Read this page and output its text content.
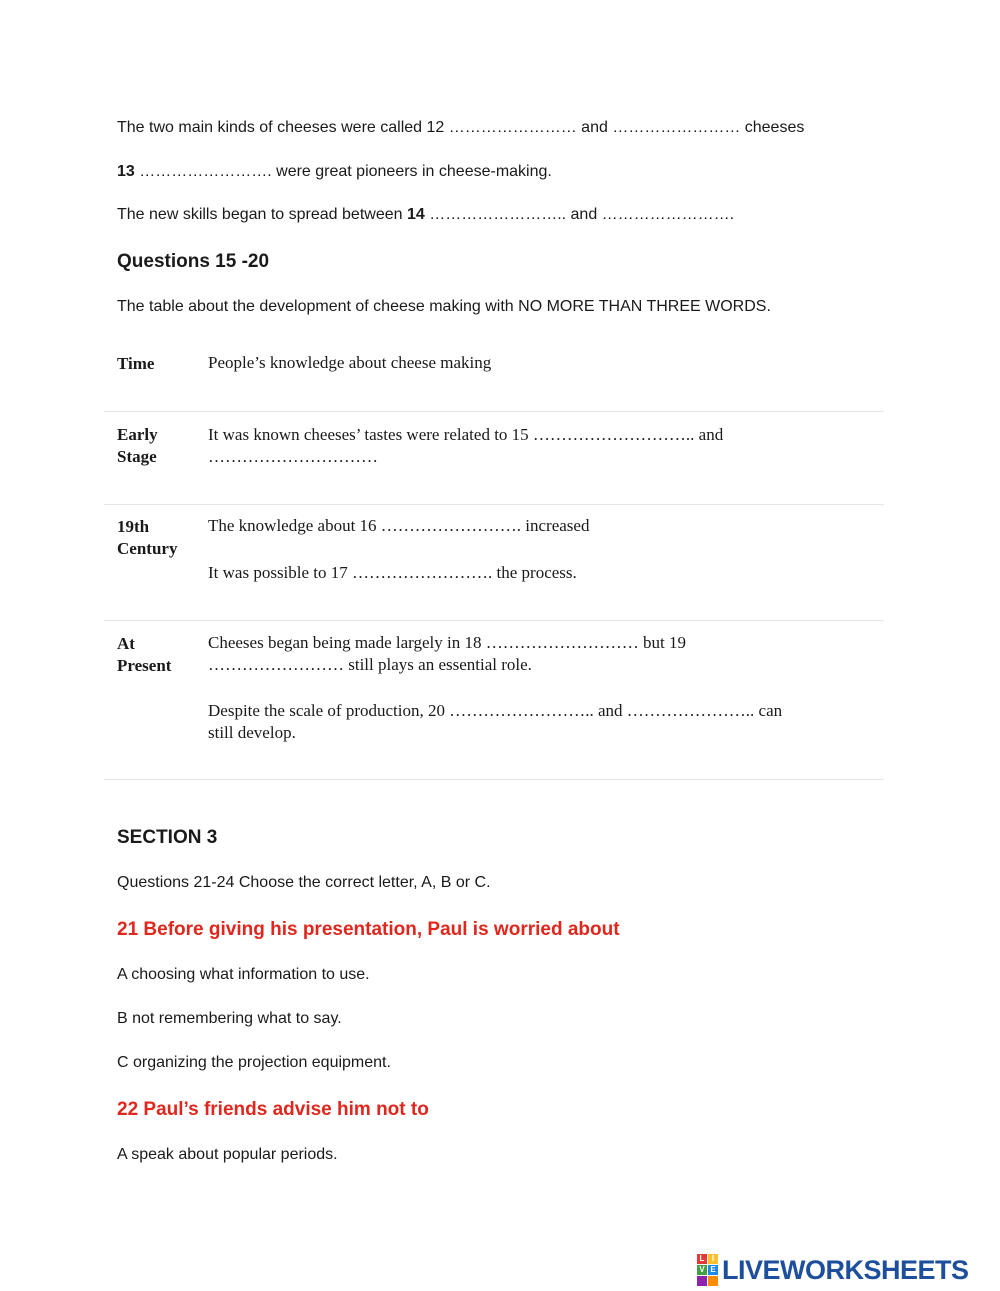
The two main kinds of cheeses were called 12 …………………… and …………………… cheeses
13 ……………………. were great pioneers in cheese-making.
The new skills began to spread between 14 …………………….. and …………………….
Questions 15 -20
The table about the development of cheese making with NO MORE THAN THREE WORDS.
Time	People’s knowledge about cheese making
Early
Stage
It was known cheeses’ tastes were related to 15 ……………………….. and
…………………………
19th
Century
The knowledge about 16 ……………………. increased
It was possible to 17 ……………………. the process.
At
Present
Cheeses began being made largely in 18 ……………………… but 19
…………………… still plays an essential role.
Despite the scale of production, 20 …………………….. and ………………….. can
still develop.
SECTION 3
Questions 21-24 Choose the correct letter, A, B or C.
21 Before giving his presentation, Paul is worried about
A choosing what information to use.
B not remembering what to say.
C organizing the projection equipment.
22 Paul’s friends advise him not to
A speak about popular periods.
L I
V E LIVEWORKSHEETS
